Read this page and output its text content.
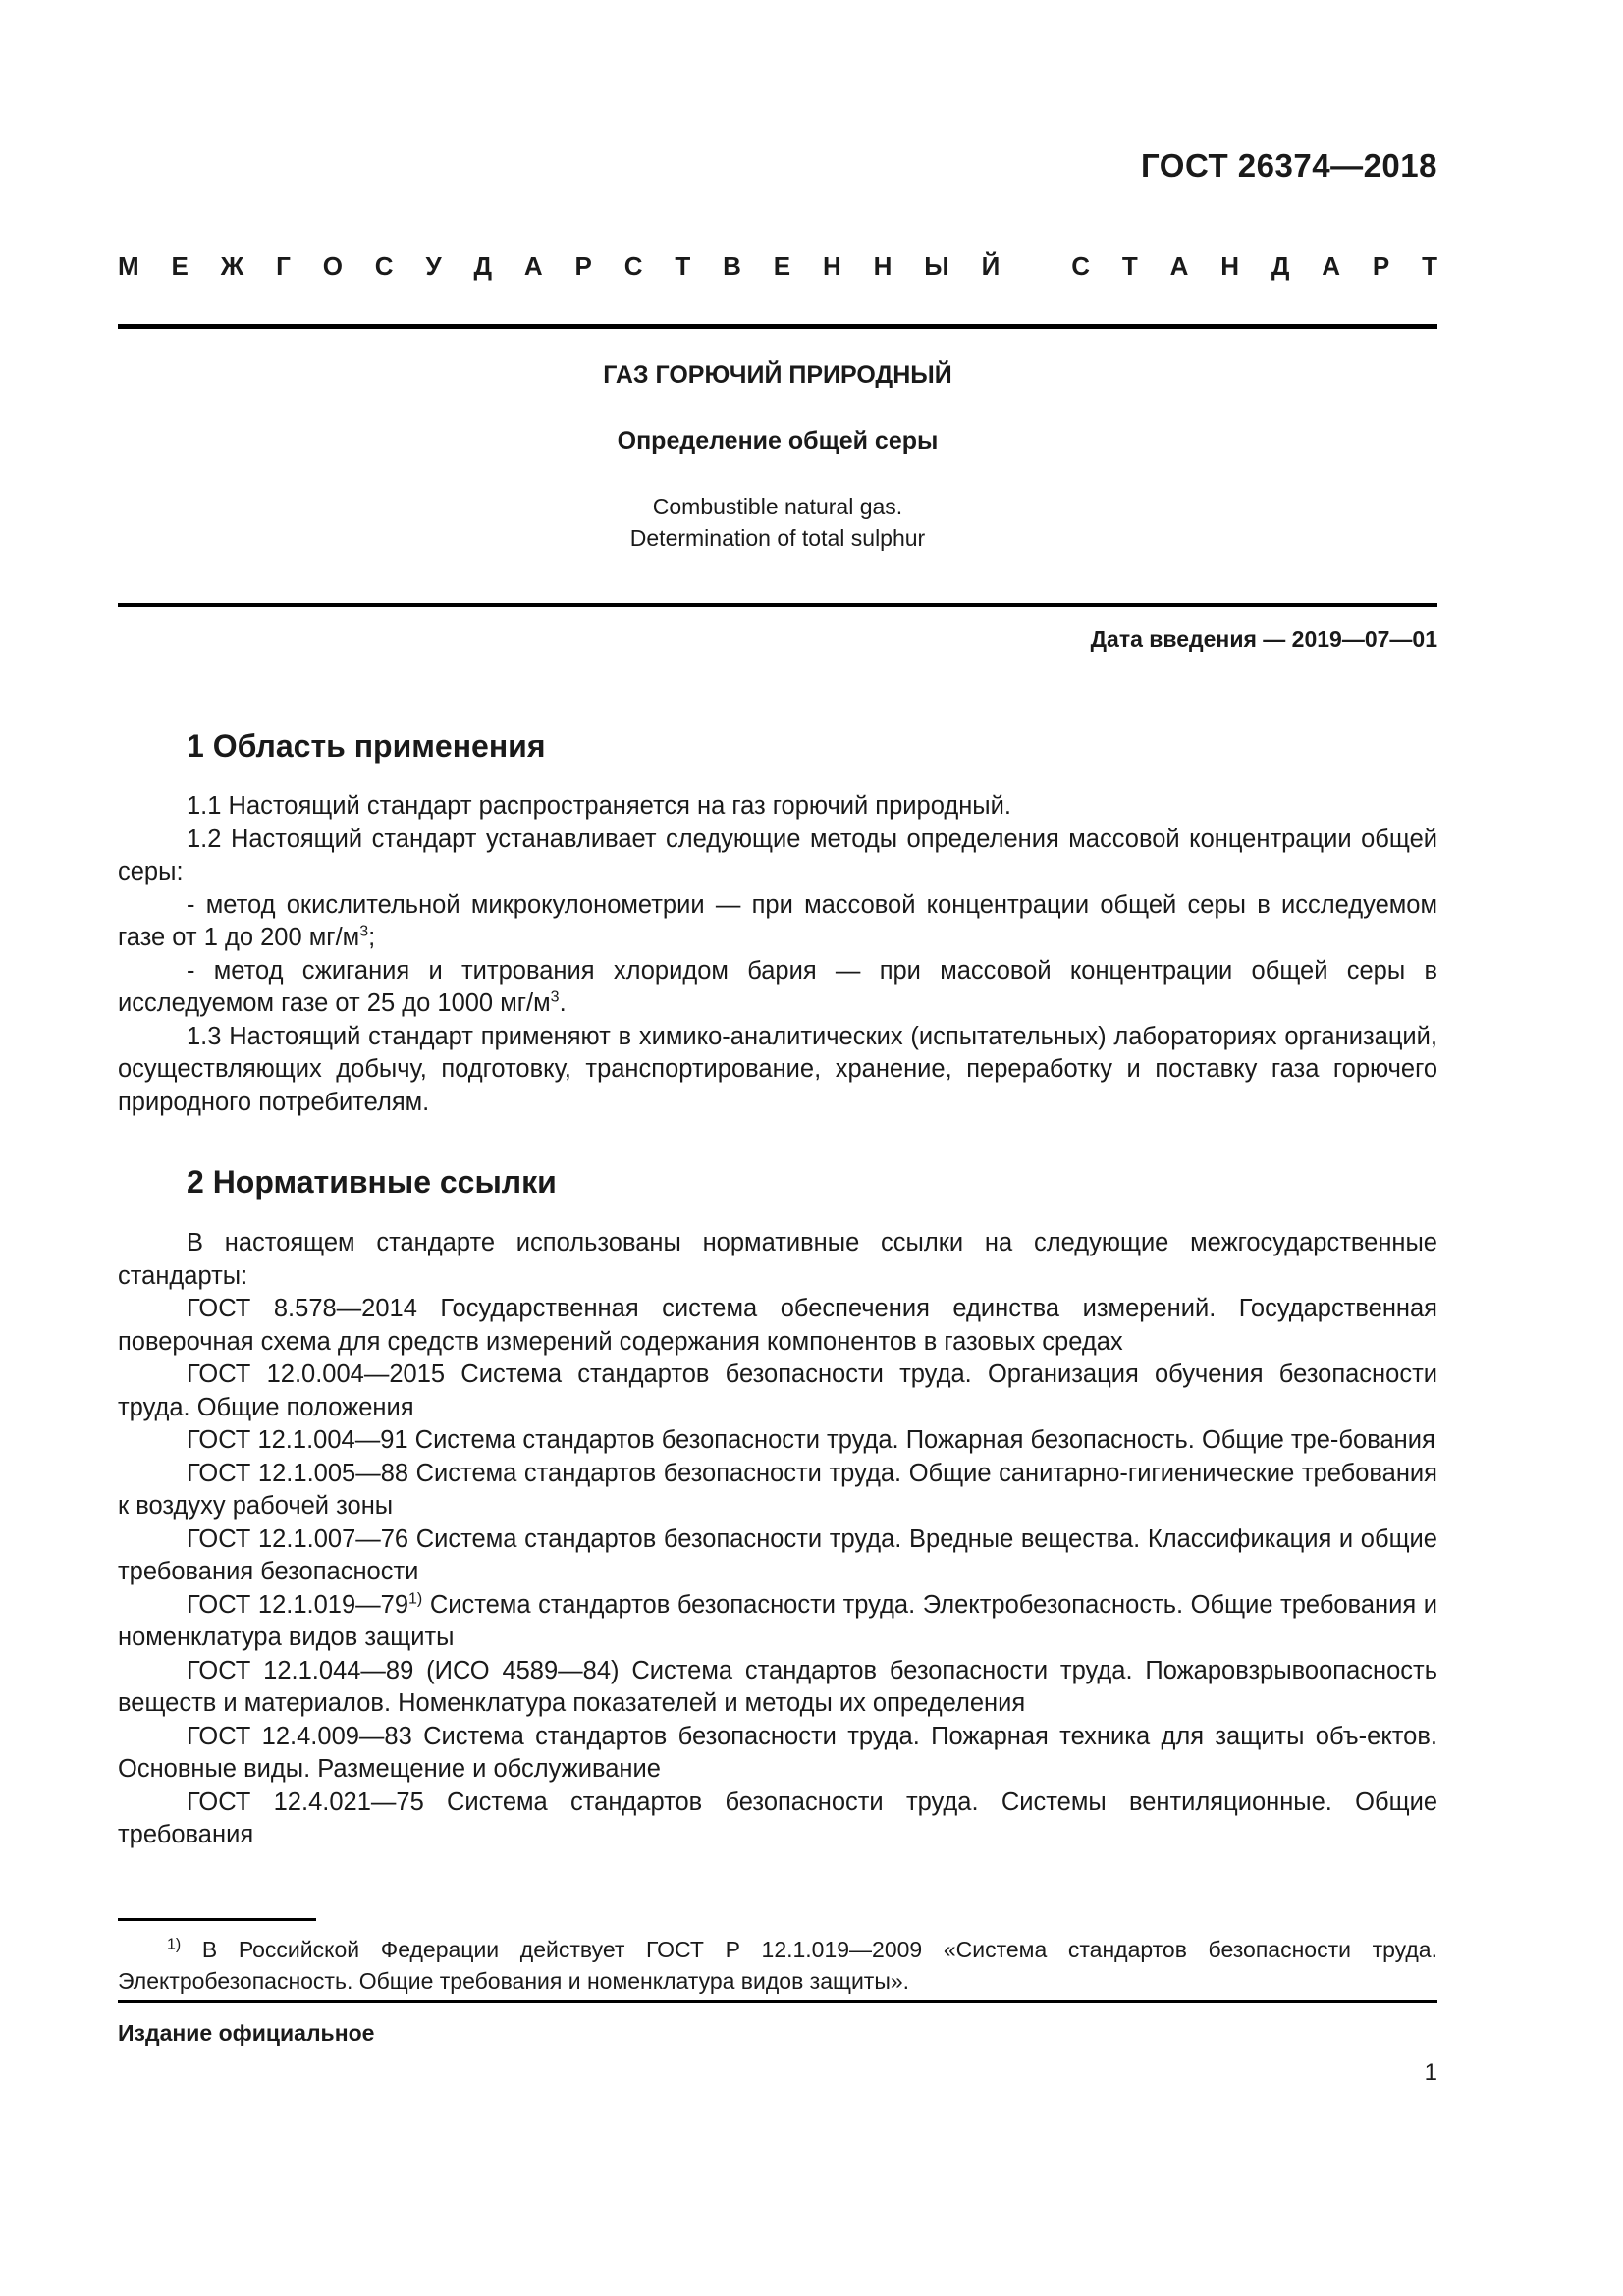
ГОСТ 26374—2018
М Е Ж Г О С У Д А Р С Т В Е Н Н Ы Й
	С Т А Н Д А Р Т
ГАЗ ГОРЮЧИЙ ПРИРОДНЫЙ
Определение общей серы
Combustible natural gas.
Determination of total sulphur
Дата введения — 2019—07—01
1 Область применения

1.1 Настоящий стандарт распространяется на газ горючий природный.

1.2 Настоящий стандарт устанавливает следующие методы определения массовой концентрации общей серы:

- метод окислительной микрокулонометрии — при массовой концентрации общей серы в исследуемом газе от 1 до 200 $мг/м^3$;

- метод сжигания и титрования хлоридом бария — при массовой концентрации общей серы в исследуемом газе от 25 до 1000 $мг/м^3$.

1.3 Настоящий стандарт применяют в химико-аналитических (испытательных) лабораториях организаций, осуществляющих добычу, подготовку, транспортирование, хранение, переработку и поставку газа горючего природного потребителям.

2 Нормативные ссылки

В настоящем стандарте использованы нормативные ссылки на следующие межгосударственные стандарты:

ГОСТ 8.578—2014 Государственная система обеспечения единства измерений. Государственная поверочная схема для средств измерений содержания компонентов в газовых средах

ГОСТ 12.0.004—2015 Система стандартов безопасности труда. Организация обучения безопасности труда. Общие положения

ГОСТ 12.1.004—91 Система стандартов безопасности труда. Пожарная безопасность. Общие тре-бования

ГОСТ 12.1.005—88 Система стандартов безопасности труда. Общие санитарно-гигиенические требования к воздуху рабочей зоны

ГОСТ 12.1.007—76 Система стандартов безопасности труда. Вредные вещества. Классификация и общие требования безопасности

ГОСТ 12.1.019—79$^{1)}$ Система стандартов безопасности труда. Электробезопасность. Общие требования и номенклатура видов защиты

ГОСТ 12.1.044—89 (ИСО 4589—84) Система стандартов безопасности труда. Пожаровзрывоопасность веществ и материалов. Номенклатура показателей и методы их определения

ГОСТ 12.4.009—83 Система стандартов безопасности труда. Пожарная техника для защиты объ-ектов. Основные виды. Размещение и обслуживание

ГОСТ 12.4.021—75 Система стандартов безопасности труда. Системы вентиляционные. Общие требования

$^{1)}$ В Российской Федерации действует ГОСТ Р 12.1.019—2009 «Система стандартов безопасности труда. Электробезопасность. Общие требования и номенклатура видов защиты».

Издание официальное
1
